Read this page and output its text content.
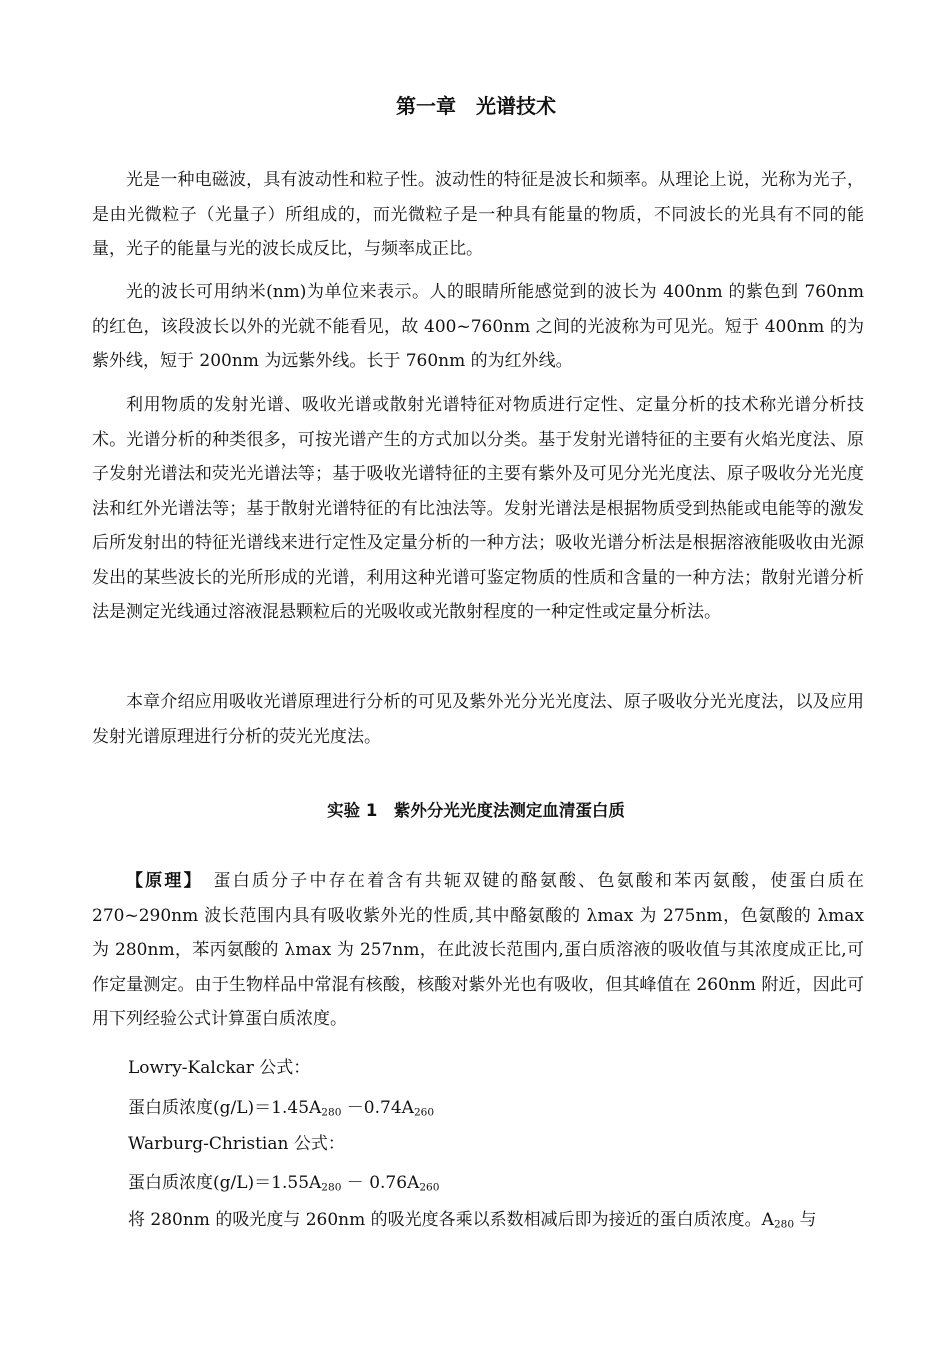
第一章　光谱技术

光是一种电磁波，具有波动性和粒子性。波动性的特征是波长和频率。从理论上说，光称为光子，是由光微粒子（光量子）所组成的，而光微粒子是一种具有能量的物质，不同波长的光具有不同的能量，光子的能量与光的波长成反比，与频率成正比。

光的波长可用纳米(nm)为单位来表示。人的眼睛所能感觉到的波长为 400nm 的紫色到 760nm 的红色，该段波长以外的光就不能看见，故 400~760nm 之间的光波称为可见光。短于 400nm 的为紫外线，短于 200nm 为远紫外线。长于 760nm 的为红外线。

利用物质的发射光谱、吸收光谱或散射光谱特征对物质进行定性、定量分析的技术称光谱分析技术。光谱分析的种类很多，可按光谱产生的方式加以分类。基于发射光谱特征的主要有火焰光度法、原子发射光谱法和荧光光谱法等；基于吸收光谱特征的主要有紫外及可见分光光度法、原子吸收分光光度法和红外光谱法等；基于散射光谱特征的有比浊法等。发射光谱法是根据物质受到热能或电能等的激发后所发射出的特征光谱线来进行定性及定量分析的一种方法；吸收光谱分析法是根据溶液能吸收由光源发出的某些波长的光所形成的光谱，利用这种光谱可鉴定物质的性质和含量的一种方法；散射光谱分析法是测定光线通过溶液混悬颗粒后的光吸收或光散射程度的一种定性或定量分析法。

本章介绍应用吸收光谱原理进行分析的可见及紫外光分光光度法、原子吸收分光光度法，以及应用发射光谱原理进行分析的荧光光度法。

实验 1　紫外分光光度法测定血清蛋白质

【原理】　 蛋白质分子中存在着含有共轭双键的酪氨酸、色氨酸和苯丙氨酸，使蛋白质在 270~290nm 波长范围内具有吸收紫外光的性质,其中酪氨酸的 λmax 为 275nm，色氨酸的 λmax 为 280nm，苯丙氨酸的 λmax 为 257nm，在此波长范围内,蛋白质溶液的吸收值与其浓度成正比,可作定量测定。由于生物样品中常混有核酸，核酸对紫外光也有吸收，但其峰值在 260nm 附近，因此可用下列经验公式计算蛋白质浓度。

Lowry-Kalckar 公式：

蛋白质浓度$(g/L)=1.45A_{280} -0.74A_{260}$

Warburg-Christian 公式：

蛋白质浓度$(g/L)=1.55A_{280} - 0.76A_{260}$

将 280nm 的吸光度与 260nm 的吸光度各乘以系数相减后即为接近的蛋白质浓度。$A_{280}$ 与
